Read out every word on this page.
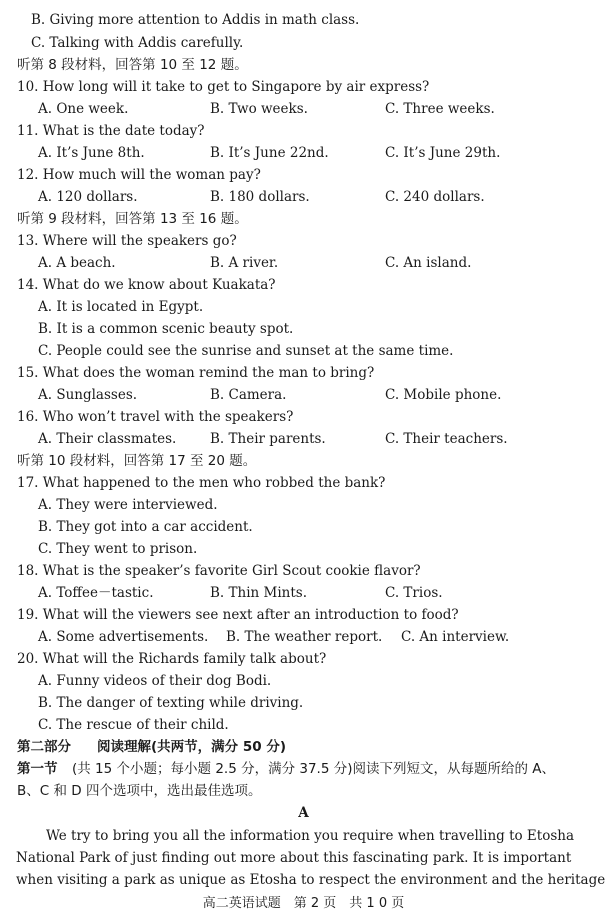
B. Giving more attention to Addis in math class.
C. Talking with Addis carefully.
听第 8 段材料，回答第 10 至 12 题。
10. How long will it take to get to Singapore by air express?
A. One week.	B. Two weeks.	C. Three weeks.
11. What is the date today?
A. It’s June 8th.	B. It’s June 22nd.	C. It’s June 29th.
12. How much will the woman pay?
A. 120 dollars.	B. 180 dollars.	C. 240 dollars.
听第 9 段材料，回答第 13 至 16 题。
13. Where will the speakers go?
A. A beach.	B. A river.	C. An island.
14. What do we know about Kuakata?
A. It is located in Egypt.
B. It is a common scenic beauty spot.
C. People could see the sunrise and sunset at the same time.
15. What does the woman remind the man to bring?
A. Sunglasses.	B. Camera.	C. Mobile phone.
16. Who won’t travel with the speakers?
A. Their classmates. B. Their parents.	C. Their teachers.
听第 10 段材料，回答第 17 至 20 题。
17. What happened to the men who robbed the bank?
A. They were interviewed.
B. They got into a car accident.
C. They went to prison.
18. What is the speaker’s favorite Girl Scout cookie flavor?
A. Toffee－tastic.	B. Thin Mints.	C. Trios.
19. What will the viewers see next after an introduction to food?
A. Some advertisements. B. The weather report. C. An interview.
20. What will the Richards family talk about?
A. Funny videos of their dog Bodi.
B. The danger of texting while driving.
C. The rescue of their child.
第二部分 阅读理解(共两节，满分 50 分)
第一节 (共 15 个小题；每小题 2.5 分，满分 37.5 分)阅读下列短文，从每题所给的 A、
B、C 和 D 四个选项中，选出最佳选项。
A
We try to bring you all the information you require when travelling to Etosha
National Park of just finding out more about this fascinating park. It is important
when visiting a park as unique as Etosha to respect the environment and the heritage
高二英语试题　第 2 页　共 1 0 页
